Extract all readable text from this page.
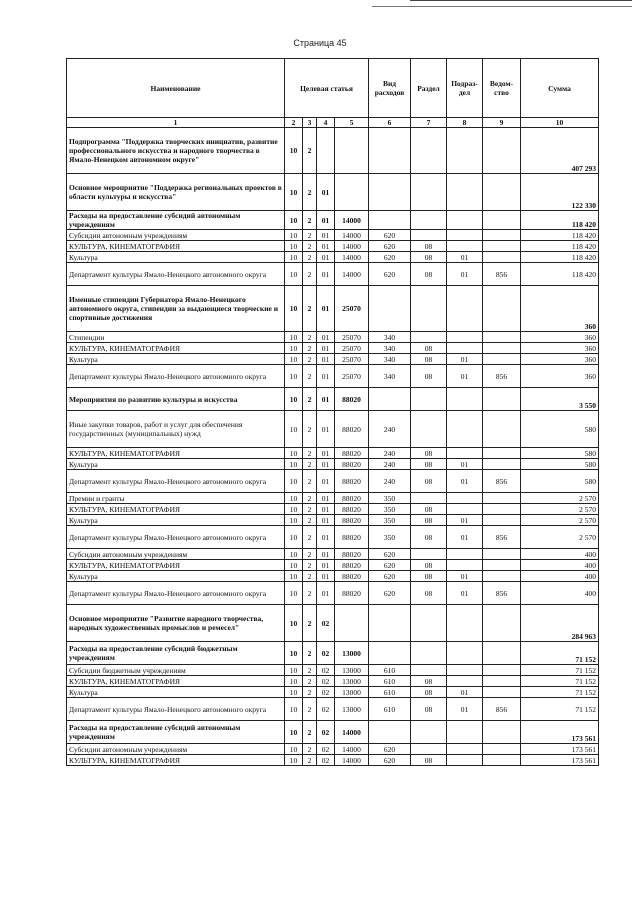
Страница 45
Наименование	Целевая статья				Вид расходов	Раздел	Подраз-дел	Ведом-ство	Сумма
1	2	3	4	5	6	7	8	9	10
Подпрограмма "Поддержка творческих инициатив, развитие профессионального искусства и народного творчества в Ямало-Ненецком автономном округе"	10	2							407 293
Основное мероприятие "Поддержка региональных проектов в области культуры и искусства"	10	2	01						122 330
Расходы на предоставление субсидий автономным учреждениям	10	2	01	14000					118 420
Субсидии автономным учреждениям	10	2	01	14000	620				118 420
КУЛЬТУРА, КИНЕМАТОГРАФИЯ	10	2	01	14000	620	08			118 420
Культура	10	2	01	14000	620	08	01		118 420
Департамент культуры Ямало-Ненецкого автономного округа	10	2	01	14000	620	08	01	856	118 420
Именные стипендии Губернатора Ямало-Ненецкого автономного округа, стипендии за выдающиеся творческие и спортивные достижения	10	2	01	25070					360
Стипендии	10	2	01	25070	340				360
КУЛЬТУРА, КИНЕМАТОГРАФИЯ	10	2	01	25070	340	08			360
Культура	10	2	01	25070	340	08	01		360
Департамент культуры Ямало-Ненецкого автономного округа	10	2	01	25070	340	08	01	856	360
Мероприятия по развитию культуры и искусства	10	2	01	88020					3 550
Иные закупки товаров, работ и услуг для обеспечения государственных (муниципальных) нужд	10	2	01	88020	240				580
КУЛЬТУРА, КИНЕМАТОГРАФИЯ	10	2	01	88020	240	08			580
Культура	10	2	01	88020	240	08	01		580
Департамент культуры Ямало-Ненецкого автономного округа	10	2	01	88020	240	08	01	856	580
Премии и гранты	10	2	01	88020	350				2 570
КУЛЬТУРА, КИНЕМАТОГРАФИЯ	10	2	01	88020	350	08			2 570
Культура	10	2	01	88020	350	08	01		2 570
Департамент культуры Ямало-Ненецкого автономного округа	10	2	01	88020	350	08	01	856	2 570
Субсидии автономным учреждениям	10	2	01	88020	620				400
КУЛЬТУРА, КИНЕМАТОГРАФИЯ	10	2	01	88020	620	08			400
Культура	10	2	01	88020	620	08	01		400
Департамент культуры Ямало-Ненецкого автономного округа	10	2	01	88020	620	08	01	856	400
Основное мероприятие "Развитие народного творчества, народных художественных промыслов и ремесел"	10	2	02						284 963
Расходы на предоставление субсидий бюджетным учреждениям	10	2	02	13000					71 152
Субсидии бюджетным учреждениям	10	2	02	13000	610				71 152
КУЛЬТУРА, КИНЕМАТОГРАФИЯ	10	2	02	13000	610	08			71 152
Культура	10	2	02	13000	610	08	01		71 152
Департамент культуры Ямало-Ненецкого автономного округа	10	2	02	13000	610	08	01	856	71 152
Расходы на предоставление субсидий автономным учреждениям	10	2	02	14000					173 561
Субсидии автономным учреждениям	10	2	02	14000	620				173 561
КУЛЬТУРА, КИНЕМАТОГРАФИЯ	10	2	02	14000	620	08			173 561
